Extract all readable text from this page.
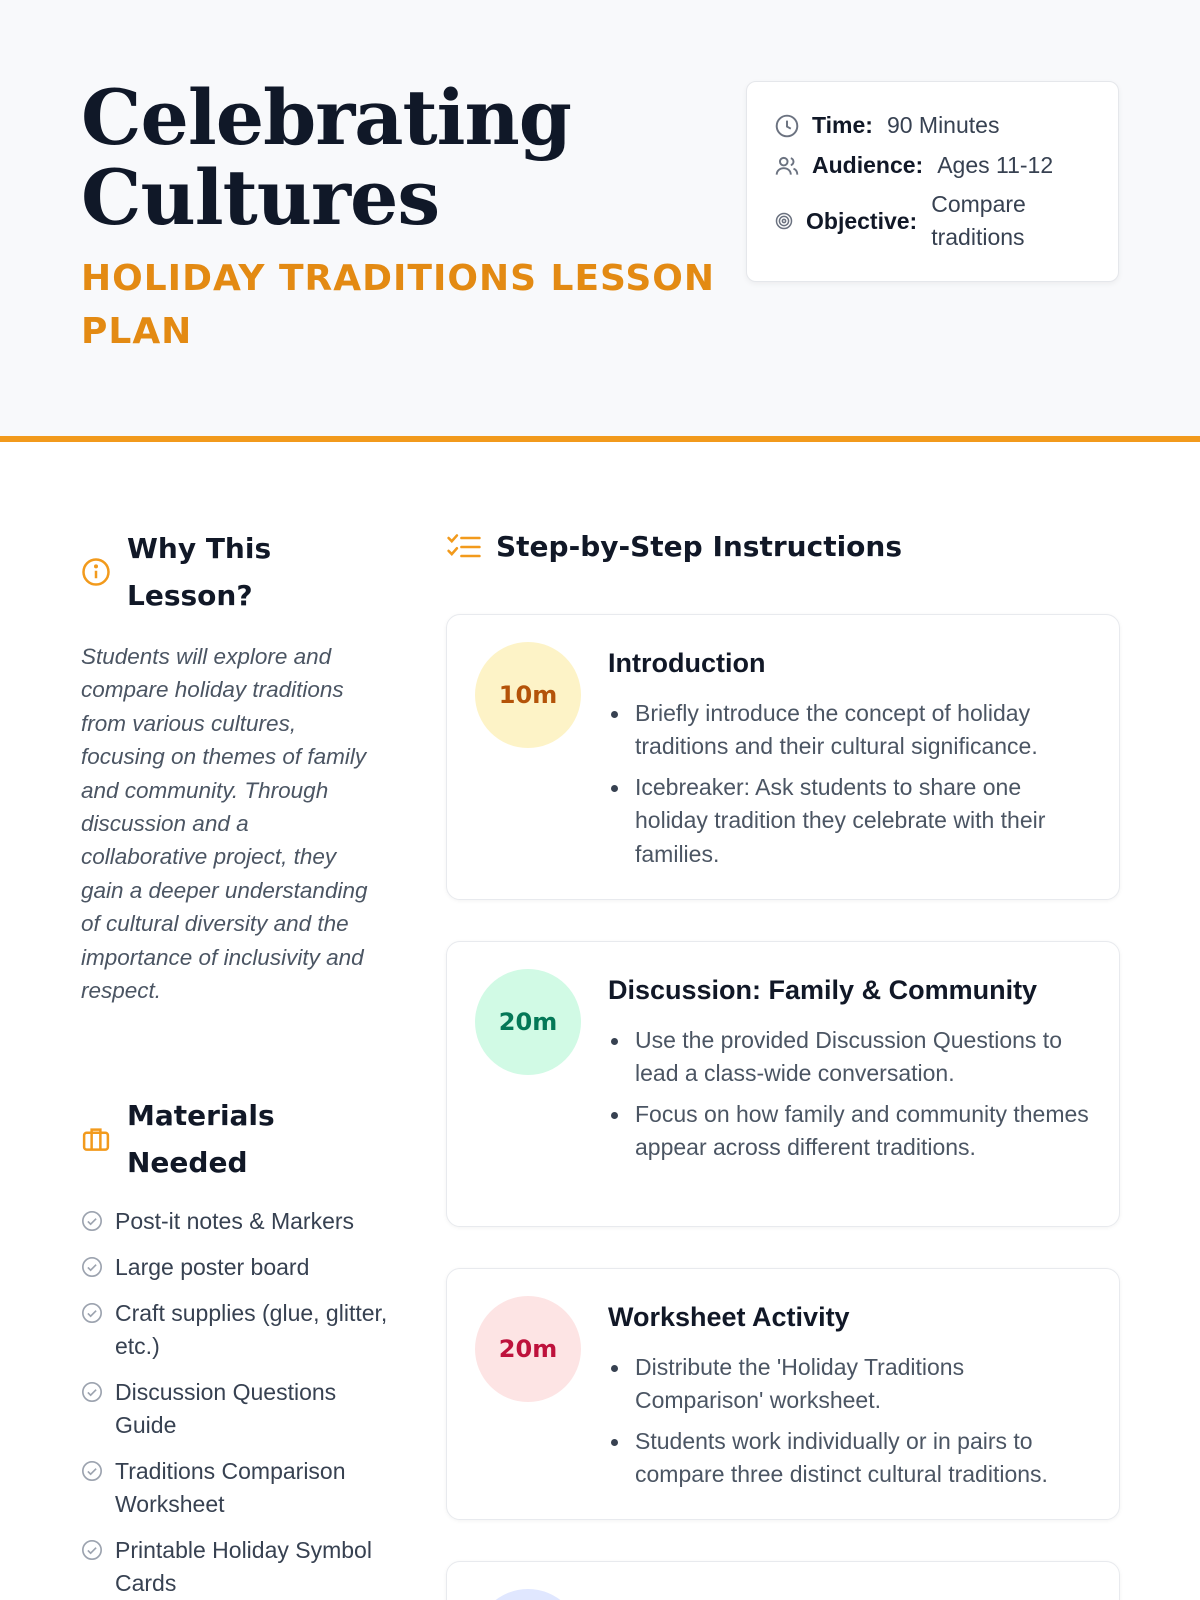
Celebrating
Cultures
HOLIDAY TRADITIONS LESSON PLAN
Time: 90 Minutes
Audience: Ages 11-12
Objective:
Compare traditions
Why This Lesson?
Students will explore and compare holiday traditions from various cultures, focusing on themes of family and community. Through discussion and a collaborative project, they gain a deeper understanding of cultural diversity and the importance of inclusivity and respect.
Materials Needed
Post-it notes & Markers
Large poster board
Craft supplies (glue, glitter, etc.)
Discussion Questions Guide
Traditions Comparison Worksheet
Printable Holiday Symbol Cards
Step-by-Step Instructions
10m
Introduction
Briefly introduce the concept of holiday traditions and their cultural significance.
Icebreaker: Ask students to share one holiday tradition they celebrate with their families.
20m
Discussion: Family & Community
Use the provided Discussion Questions to lead a class-wide conversation.
Focus on how family and community themes appear across different traditions.
20m
Worksheet Activity
Distribute the 'Holiday Traditions Comparison' worksheet.
Students work individually or in pairs to compare three distinct cultural traditions.
